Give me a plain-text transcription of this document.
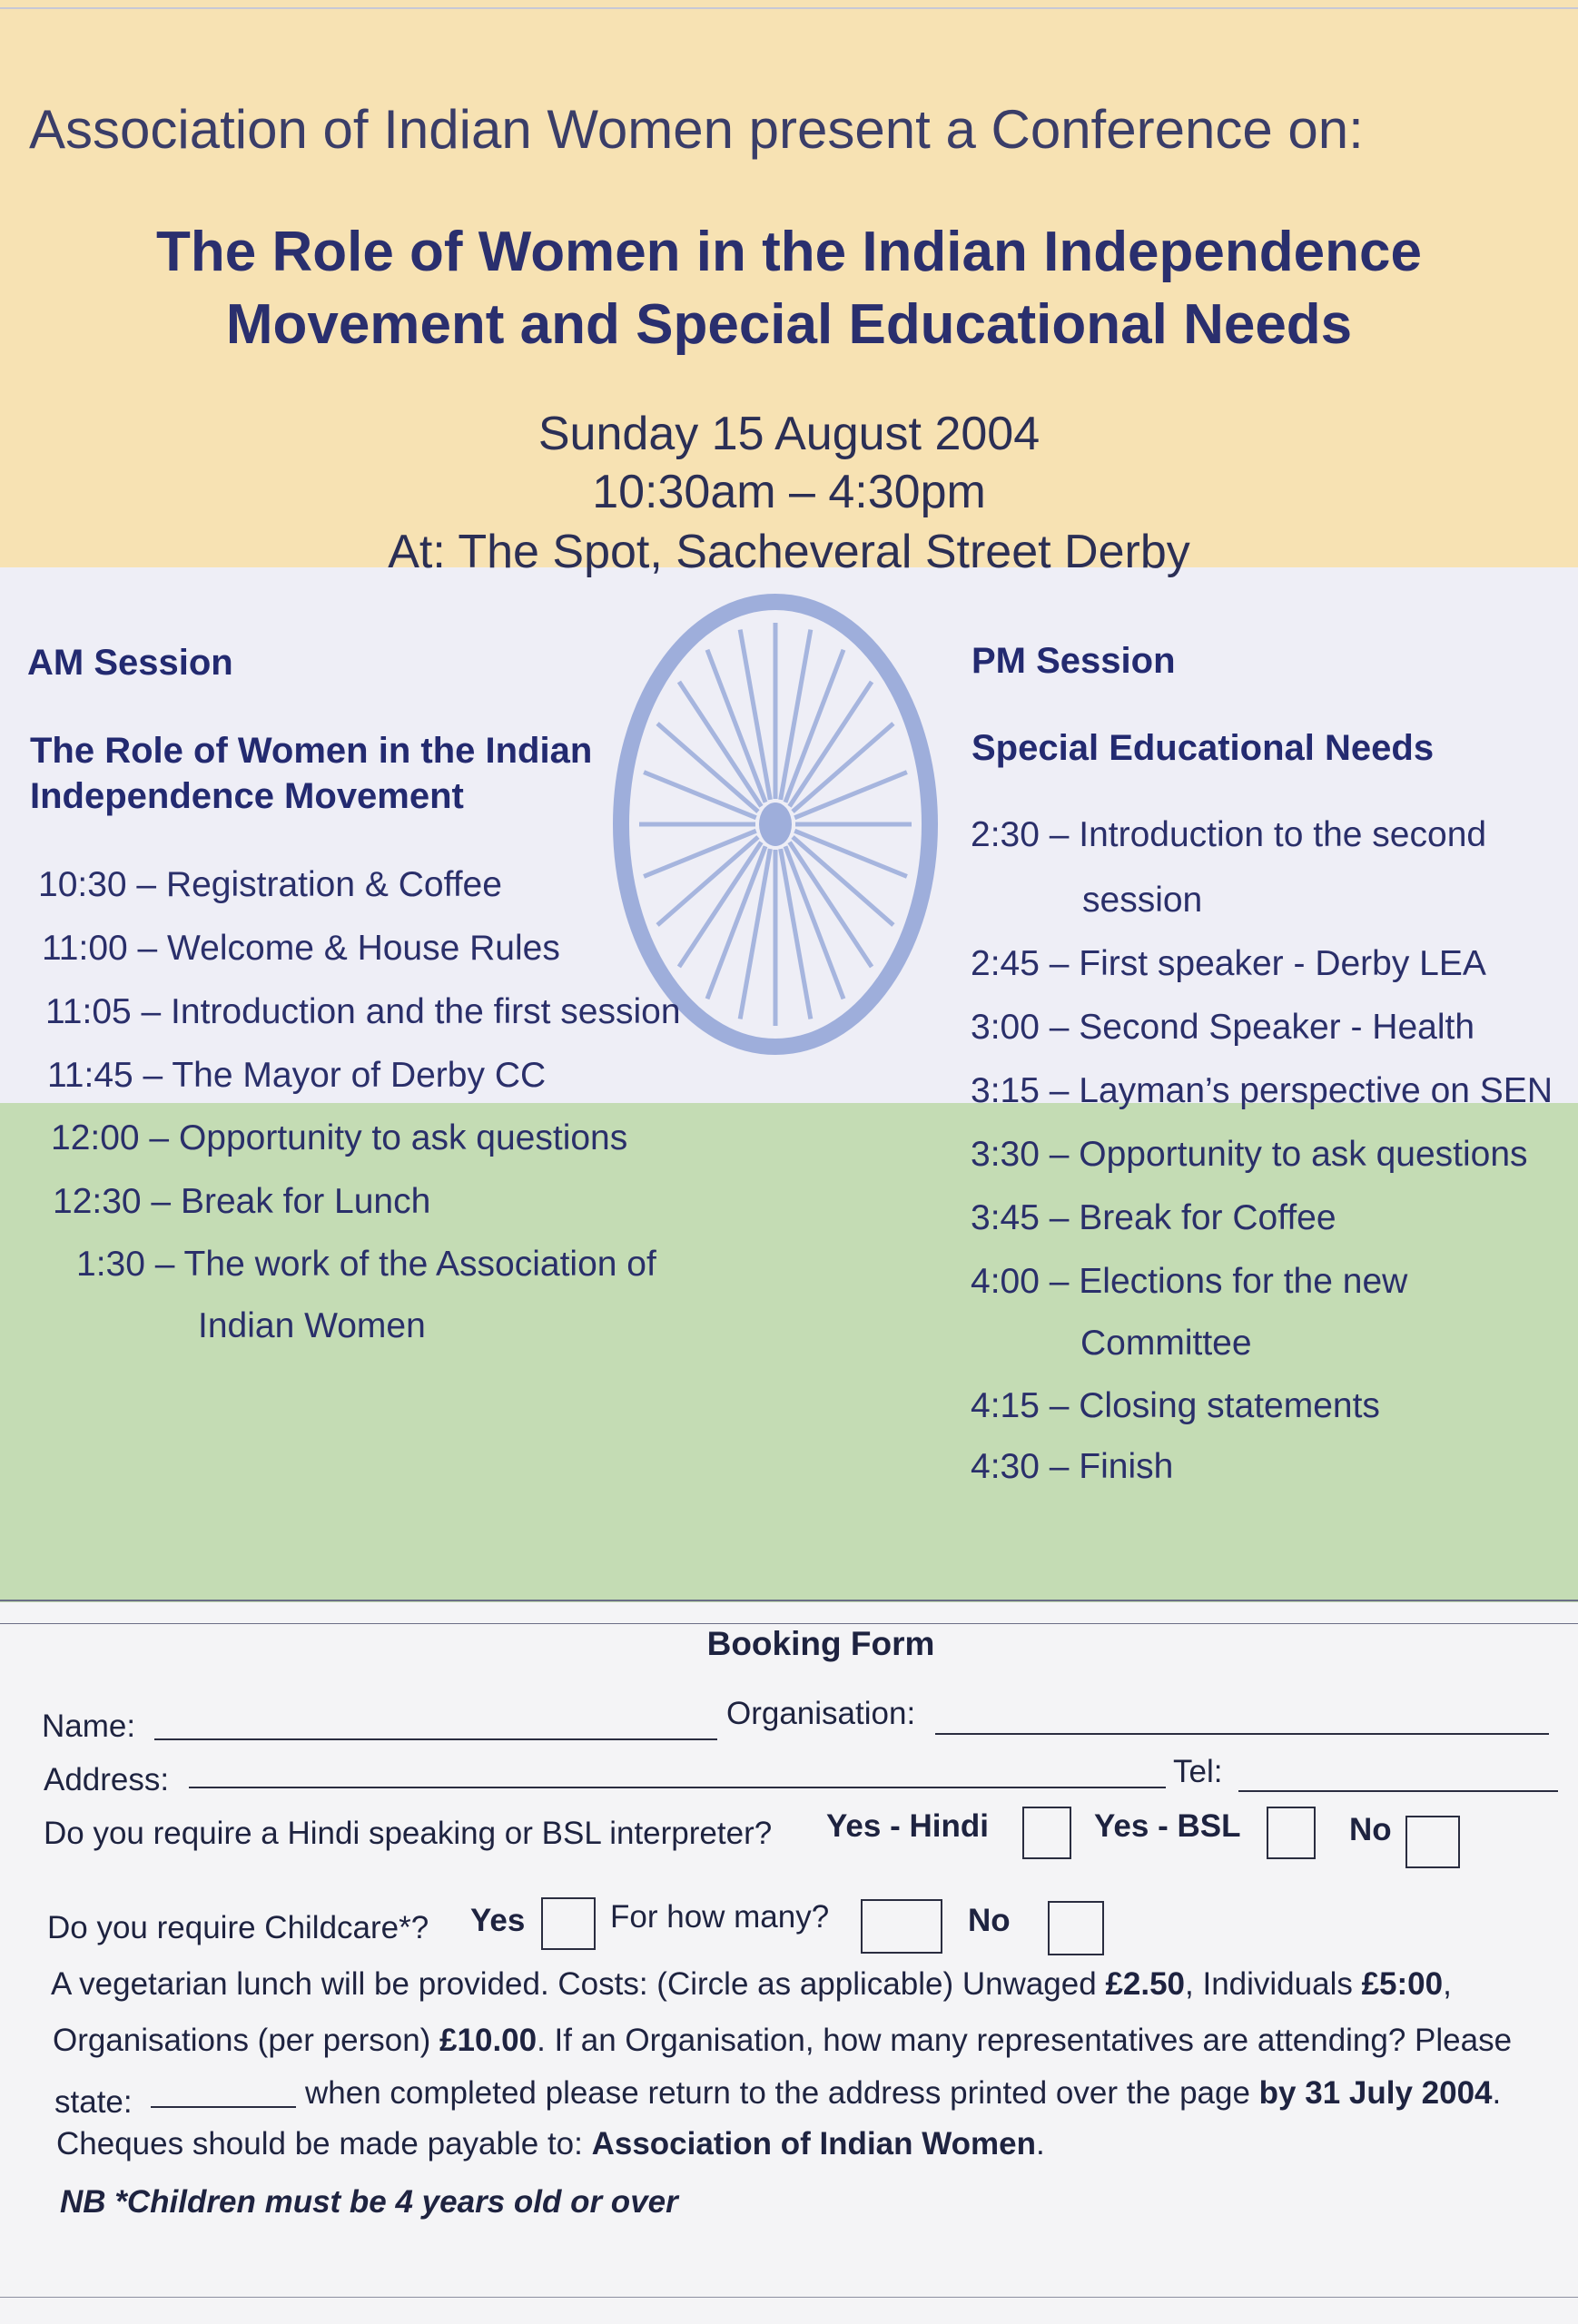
Association of Indian Women present a Conference on:
The Role of Women in the Indian Independence
Movement and Special Educational Needs
Sunday 15 August 2004
10:30am – 4:30pm
At: The Spot, Sacheveral Street Derby
AM Session
The Role of Women in the Indian
Independence Movement
10:30 – Registration & Coffee
11:00 – Welcome & House Rules
11:05 – Introduction and the first session
11:45 – The Mayor of Derby CC
12:00 – Opportunity to ask questions
12:30 – Break for Lunch
1:30 – The work of the Association of
Indian Women
PM Session
Special Educational Needs
2:30 – Introduction to the second
session
2:45 – First speaker - Derby LEA
3:00 – Second Speaker - Health
3:15 – Layman’s perspective on SEN
3:30 – Opportunity to ask questions
3:45 – Break for Coffee
4:00 – Elections for the new
Committee
4:15 – Closing statements
4:30 – Finish
Booking Form
Name:	Organisation:
Address:	Tel:
Do you require a Hindi speaking or BSL interpreter? Yes - Hindi	Yes - BSL	No
Do you require Childcare*? Yes	For how many?	No
A vegetarian lunch will be provided. Costs: (Circle as applicable) Unwaged £2.50, Individuals £5:00,
Organisations (per person) £10.00. If an Organisation, how many representatives are attending? Please
state:	when completed please return to the address printed over the page by 31 July 2004.
Cheques should be made payable to: Association of Indian Women.
NB *Children must be 4 years old or over
